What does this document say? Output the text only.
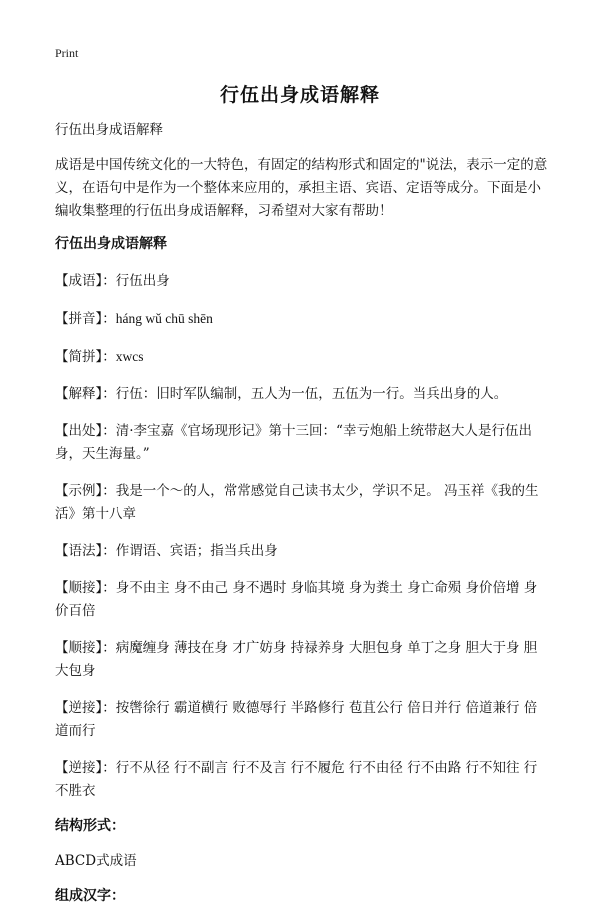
Print
行伍出身成语解释

行伍出身成语解释

成语是中国传统文化的一大特色，有固定的结构形式和固定的"说法，表示一定的意义，在语句中是作为一个整体来应用的，承担主语、宾语、定语等成分。下面是小编收集整理的行伍出身成语解释，习希望对大家有帮助！

行伍出身成语解释

【成语】：行伍出身

【拼音】：háng wǔ chū shēn

【简拼】：xwcs

【解释】：行伍：旧时军队编制，五人为一伍，五伍为一行。当兵出身的人。

【出处】：清·李宝嘉《官场现形记》第十三回：“幸亏炮船上统带赵大人是行伍出身，天生海量。”

【示例】：我是一个～的人，常常感觉自己读书太少，学识不足。 冯玉祥《我的生活》第十八章

【语法】：作谓语、宾语；指当兵出身

【顺接】：身不由主 身不由己 身不遇时 身临其境 身为粪土 身亡命殒 身价倍增 身价百倍

【顺接】：病魔缠身 薄技在身 才广妨身 持禄养身 大胆包身 单丁之身 胆大于身 胆大包身

【逆接】：按辔徐行 霸道横行 败德辱行 半路修行 苞苴公行 倍日并行 倍道兼行 倍道而行

【逆接】：行不从径 行不副言 行不及言 行不履危 行不由径 行不由路 行不知往 行不胜衣

结构形式：

ABCD式成语

组成汉字：
